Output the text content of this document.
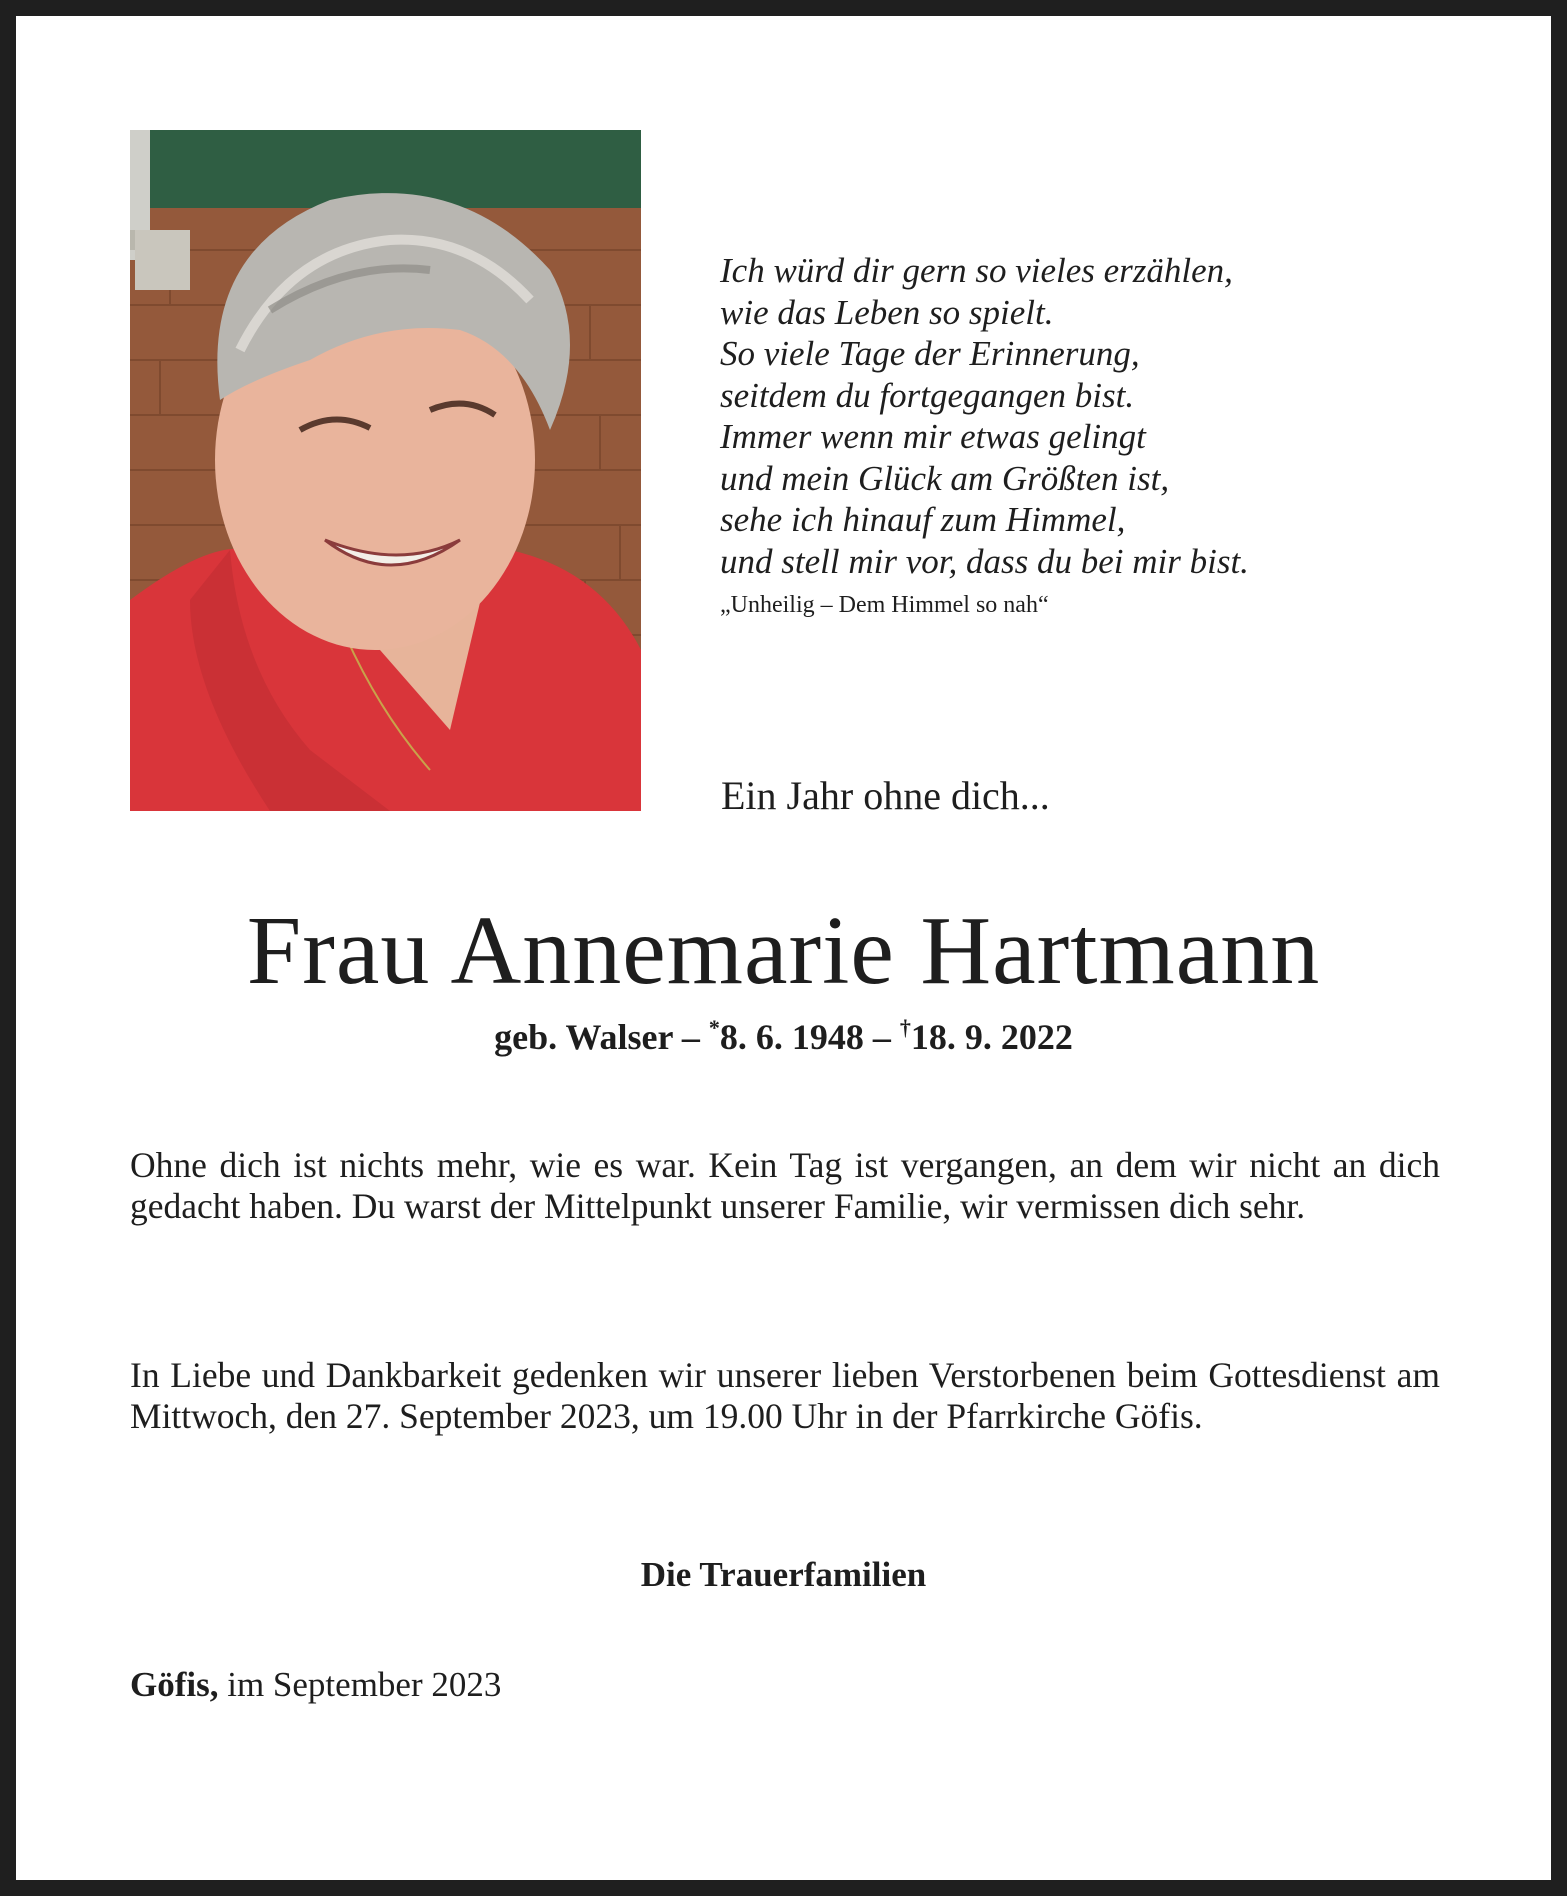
Ich würd dir gern so vieles erzählen,
wie das Leben so spielt.
So viele Tage der Erinnerung,
seitdem du fortgegangen bist.
Immer wenn mir etwas gelingt
und mein Glück am Größten ist,
sehe ich hinauf zum Himmel,
und stell mir vor, dass du bei mir bist.
„Unheilig – Dem Himmel so nah“
Ein Jahr ohne dich...
Frau Annemarie Hartmann
geb. Walser – *8. 6. 1948 – †18. 9. 2022
Ohne dich ist nichts mehr, wie es war. Kein Tag ist vergangen, an dem wir nicht an dich gedacht haben. Du warst der Mittelpunkt unserer Familie, wir vermissen dich sehr.
In Liebe und Dankbarkeit gedenken wir unserer lieben Verstorbenen beim Gottesdienst am Mittwoch, den 27. September 2023, um 19.00 Uhr in der Pfarrkirche Göfis.
Die Trauerfamilien
Göfis, im September 2023
